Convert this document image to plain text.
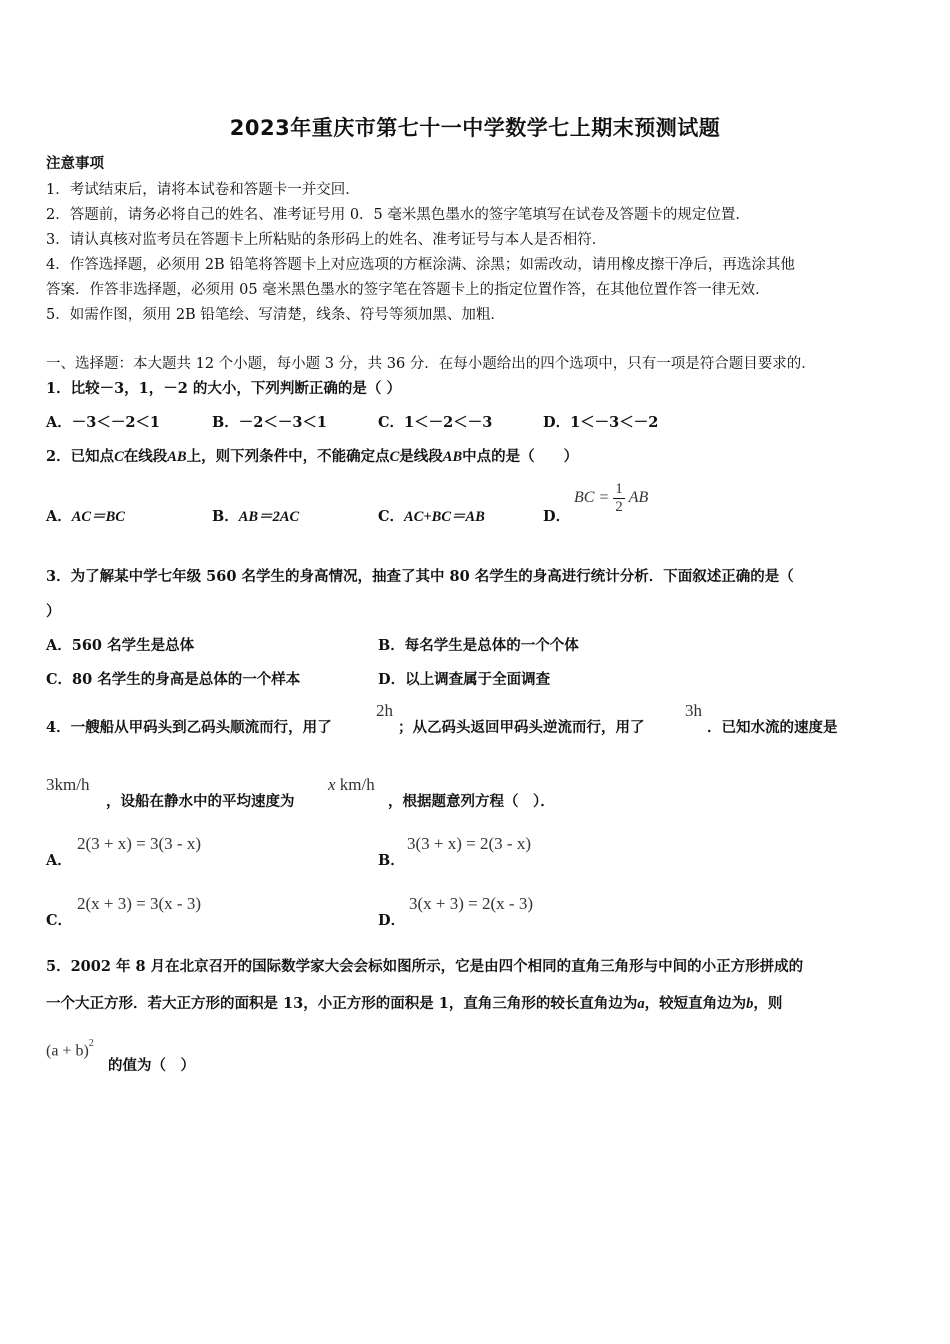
2023年重庆市第七十一中学数学七上期末预测试题
注意事项
1．考试结束后，请将本试卷和答题卡一并交回．
2．答题前，请务必将自己的姓名、准考证号用 0．5 毫米黑色墨水的签字笔填写在试卷及答题卡的规定位置．
3．请认真核对监考员在答题卡上所粘贴的条形码上的姓名、准考证号与本人是否相符．
4．作答选择题，必须用 2B 铅笔将答题卡上对应选项的方框涂满、涂黑；如需改动，请用橡皮擦干净后，再选涂其他
答案．作答非选择题，必须用 05 毫米黑色墨水的签字笔在答题卡上的指定位置作答，在其他位置作答一律无效．
5．如需作图，须用 2B 铅笔绘、写清楚，线条、符号等须加黑、加粗．
一、选择题：本大题共 12 个小题，每小题 3 分，共 36 分．在每小题给出的四个选项中，只有一项是符合题目要求的．
1．比较－3，1，－2 的大小，下列判断正确的是（ ）
A．－3＜－2＜1	B．－2＜－3＜1	C．1＜－2＜－3	D．1＜－3＜－2
2．已知点C在线段AB上，则下列条件中，不能确定点C是线段AB中点的是（　　）
A．AC＝BC	B．AB＝2AC	C．AC+BC＝AB	D．
BC = $\frac{1}{2}$ AB
3．为了解某中学七年级 560 名学生的身高情况，抽查了其中 80 名学生的身高进行统计分析．下面叙述正确的是（
）
A．560 名学生是总体	B．每名学生是总体的一个个体
C．80 名学生的身高是总体的一个样本	D．以上调查属于全面调查
4．一艘船从甲码头到乙码头顺流而行，用了
2h
；从乙码头返回甲码头逆流而行，用了
3h
．已知水流的速度是
3km/h
，设船在静水中的平均速度为
x km/h
，根据题意列方程（　）．
A．
2(3 + x) = 3(3 - x)
B．
3(3 + x) = 2(3 - x)
C．
2(x + 3) = 3(x - 3)
D．
3(x + 3) = 2(x - 3)
5．2002 年 8 月在北京召开的国际数学家大会会标如图所示，它是由四个相同的直角三角形与中间的小正方形拼成的
一个大正方形．若大正方形的面积是 13，小正方形的面积是 1，直角三角形的较长直角边为a，较短直角边为b，则
$(a + b)^2$
的值为（　）
